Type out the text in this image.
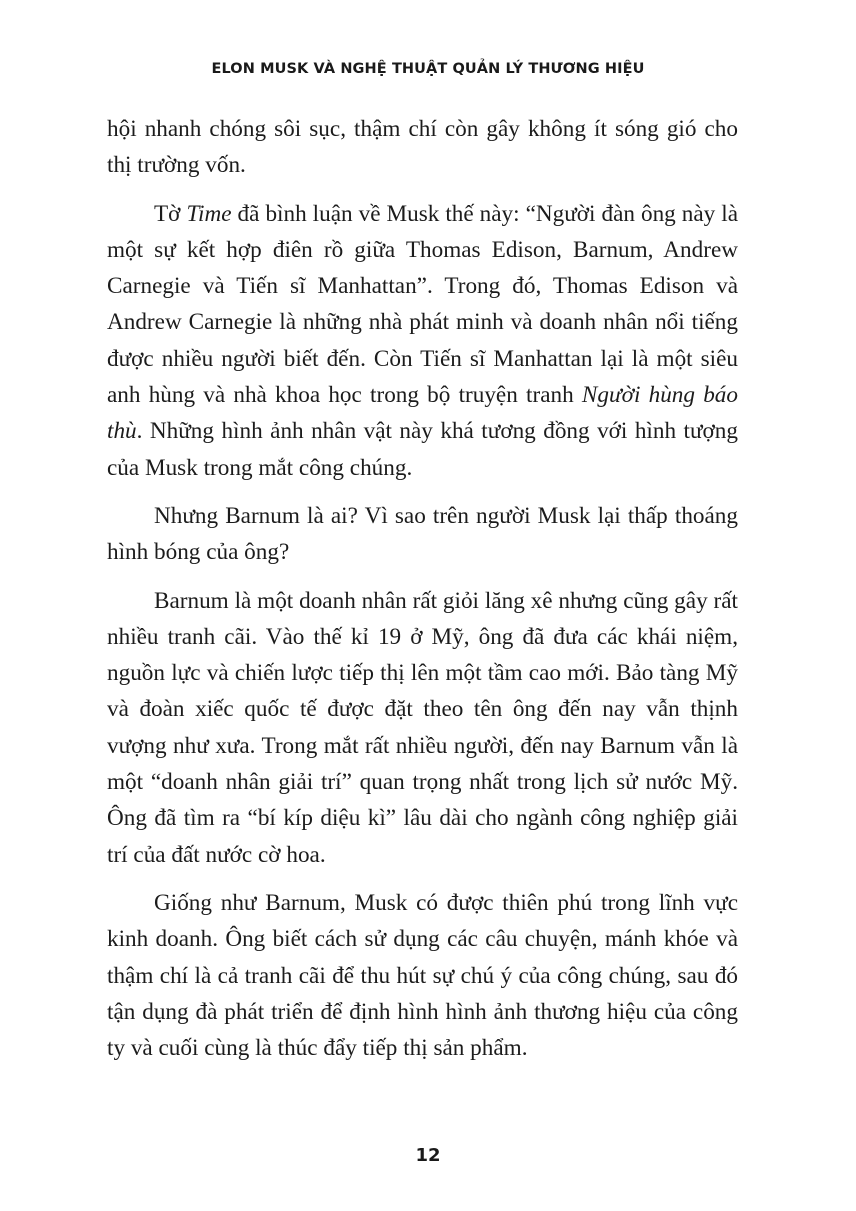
ELON MUSK VÀ NGHỆ THUẬT QUẢN LÝ THƯƠNG HIỆU

hội nhanh chóng sôi sục, thậm chí còn gây không ít sóng gió cho thị trường vốn.

Tờ Time đã bình luận về Musk thế này: “Người đàn ông này là một sự kết hợp điên rồ giữa Thomas Edison, Barnum, Andrew Carnegie và Tiến sĩ Manhattan”. Trong đó, Thomas Edison và Andrew Carnegie là những nhà phát minh và doanh nhân nổi tiếng được nhiều người biết đến. Còn Tiến sĩ Manhattan lại là một siêu anh hùng và nhà khoa học trong bộ truyện tranh Người hùng báo thù. Những hình ảnh nhân vật này khá tương đồng với hình tượng của Musk trong mắt công chúng.

Nhưng Barnum là ai? Vì sao trên người Musk lại thấp thoáng hình bóng của ông?

Barnum là một doanh nhân rất giỏi lăng xê nhưng cũng gây rất nhiều tranh cãi. Vào thế kỉ 19 ở Mỹ, ông đã đưa các khái niệm, nguồn lực và chiến lược tiếp thị lên một tầm cao mới. Bảo tàng Mỹ và đoàn xiếc quốc tế được đặt theo tên ông đến nay vẫn thịnh vượng như xưa. Trong mắt rất nhiều người, đến nay Barnum vẫn là một “doanh nhân giải trí” quan trọng nhất trong lịch sử nước Mỹ. Ông đã tìm ra “bí kíp diệu kì” lâu dài cho ngành công nghiệp giải trí của đất nước cờ hoa.

Giống như Barnum, Musk có được thiên phú trong lĩnh vực kinh doanh. Ông biết cách sử dụng các câu chuyện, mánh khóe và thậm chí là cả tranh cãi để thu hút sự chú ý của công chúng, sau đó tận dụng đà phát triển để định hình hình ảnh thương hiệu của công ty và cuối cùng là thúc đẩy tiếp thị sản phẩm.

12
